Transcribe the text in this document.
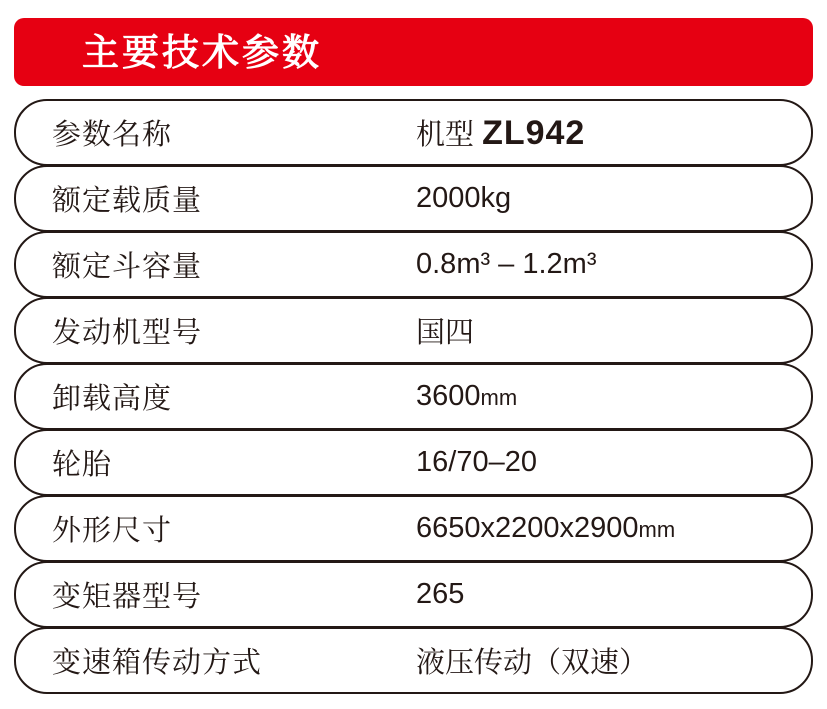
主要技术参数
参数名称	机型 ZL942
额定载质量	2000kg
额定斗容量	0.8m³ – 1.2m³
发动机型号	国四
卸载高度	3600mm
轮胎	16/70–20
外形尺寸	6650x2200x2900mm
变矩器型号	265
变速箱传动方式	液压传动（双速）
